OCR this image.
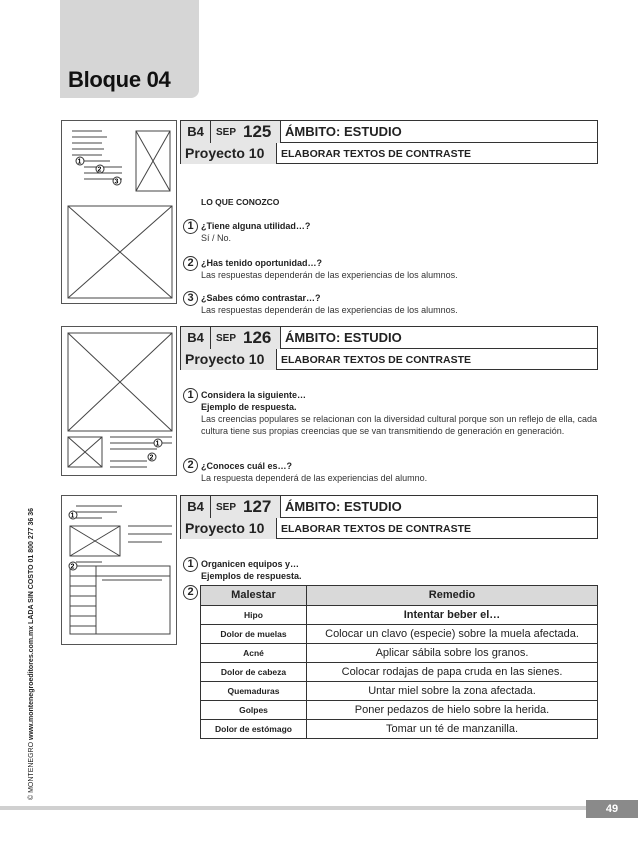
Bloque 04
© MONTENEGRO www.montenegroeditores.com.mx LADA SIN COSTO 01 800 277 36 36
1
2
3
B4	SEP 125 ÁMBITO: ESTUDIO
Proyecto 10	ELABORAR TEXTOS DE CONTRASTE
LO QUE CONOZCO
1 ¿Tiene alguna utilidad…?
Sí / No.
2 ¿Has tenido oportunidad…?
Las respuestas dependerán de las experiencias de los alumnos.
3 ¿Sabes cómo contrastar…?
Las respuestas dependerán de las experiencias de los alumnos.
1
2
B4	SEP 126 ÁMBITO: ESTUDIO
Proyecto 10	ELABORAR TEXTOS DE CONTRASTE
1 Considera la siguiente…
Ejemplo de respuesta.
Las creencias populares se relacionan con la diversidad cultural porque son un reflejo de ella, cada cultura tiene sus propias creencias que se van transmitiendo de generación en generación.
2 ¿Conoces cuál es…?
La respuesta dependerá de las experiencias del alumno.
1
2
B4	SEP 127 ÁMBITO: ESTUDIO
Proyecto 10	ELABORAR TEXTOS DE CONTRASTE
1 Organicen equipos y…
Ejemplos de respuesta.
2	Malestar	Remedio
Hipo	Intentar beber el…
Dolor de muelas	Colocar un clavo (especie) sobre la muela afectada.
Acné	Aplicar sábila sobre los granos.
Dolor de cabeza	Colocar rodajas de papa cruda en las sienes.
Quemaduras	Untar miel sobre la zona afectada.
Golpes	Poner pedazos de hielo sobre la herida.
Dolor de estómago	Tomar un té de manzanilla.
49
